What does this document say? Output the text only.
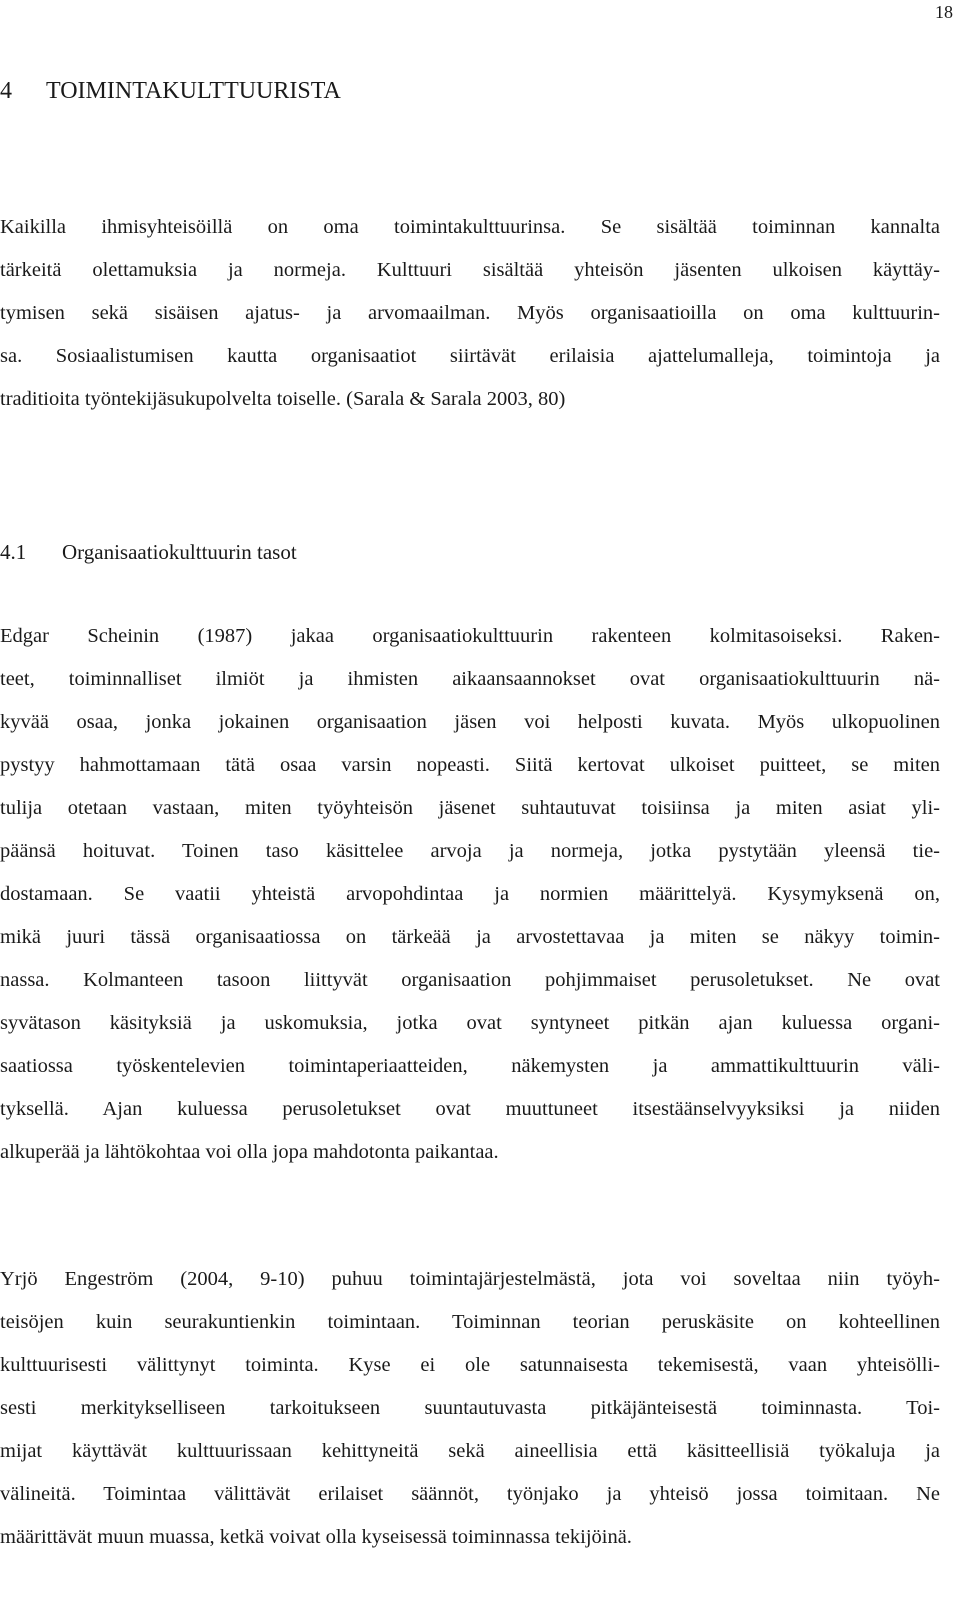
18
4 TOIMINTAKULTTUURISTA
Kaikilla ihmisyhteisöillä on oma toimintakulttuurinsa. Se sisältää toiminnan kannalta
tärkeitä olettamuksia ja normeja. Kulttuuri sisältää yhteisön jäsenten ulkoisen käyttäy-
tymisen sekä sisäisen ajatus- ja arvomaailman. Myös organisaatioilla on oma kulttuurin-
sa. Sosiaalistumisen kautta organisaatiot siirtävät erilaisia ajattelumalleja, toimintoja ja
traditioita työntekijäsukupolvelta toiselle. (Sarala & Sarala 2003, 80)
4.1 Organisaatiokulttuurin tasot
Edgar Scheinin (1987) jakaa organisaatiokulttuurin rakenteen kolmitasoiseksi. Raken-
teet, toiminnalliset ilmiöt ja ihmisten aikaansaannokset ovat organisaatiokulttuurin nä-
kyvää osaa, jonka jokainen organisaation jäsen voi helposti kuvata. Myös ulkopuolinen
pystyy hahmottamaan tätä osaa varsin nopeasti. Siitä kertovat ulkoiset puitteet, se miten
tulija otetaan vastaan, miten työyhteisön jäsenet suhtautuvat toisiinsa ja miten asiat yli-
päänsä hoituvat. Toinen taso käsittelee arvoja ja normeja, jotka pystytään yleensä tie-
dostamaan. Se vaatii yhteistä arvopohdintaa ja normien määrittelyä. Kysymyksenä on,
mikä juuri tässä organisaatiossa on tärkeää ja arvostettavaa ja miten se näkyy toimin-
nassa. Kolmanteen tasoon liittyvät organisaation pohjimmaiset perusoletukset. Ne ovat
syvätason käsityksiä ja uskomuksia, jotka ovat syntyneet pitkän ajan kuluessa organi-
saatiossa työskentelevien toimintaperiaatteiden, näkemysten ja ammattikulttuurin väli-
tyksellä. Ajan kuluessa perusoletukset ovat muuttuneet itsestäänselvyyksiksi ja niiden
alkuperää ja lähtökohtaa voi olla jopa mahdotonta paikantaa.
Yrjö Engeström (2004, 9-10) puhuu toimintajärjestelmästä, jota voi soveltaa niin työyh-
teisöjen kuin seurakuntienkin toimintaan. Toiminnan teorian peruskäsite on kohteellinen
kulttuurisesti välittynyt toiminta. Kyse ei ole satunnaisesta tekemisestä, vaan yhteisölli-
sesti merkitykselliseen tarkoitukseen suuntautuvasta pitkäjänteisestä toiminnasta. Toi-
mijat käyttävät kulttuurissaan kehittyneitä sekä aineellisia että käsitteellisiä työkaluja ja
välineitä. Toimintaa välittävät erilaiset säännöt, työnjako ja yhteisö jossa toimitaan. Ne
määrittävät muun muassa, ketkä voivat olla kyseisessä toiminnassa tekijöinä.
